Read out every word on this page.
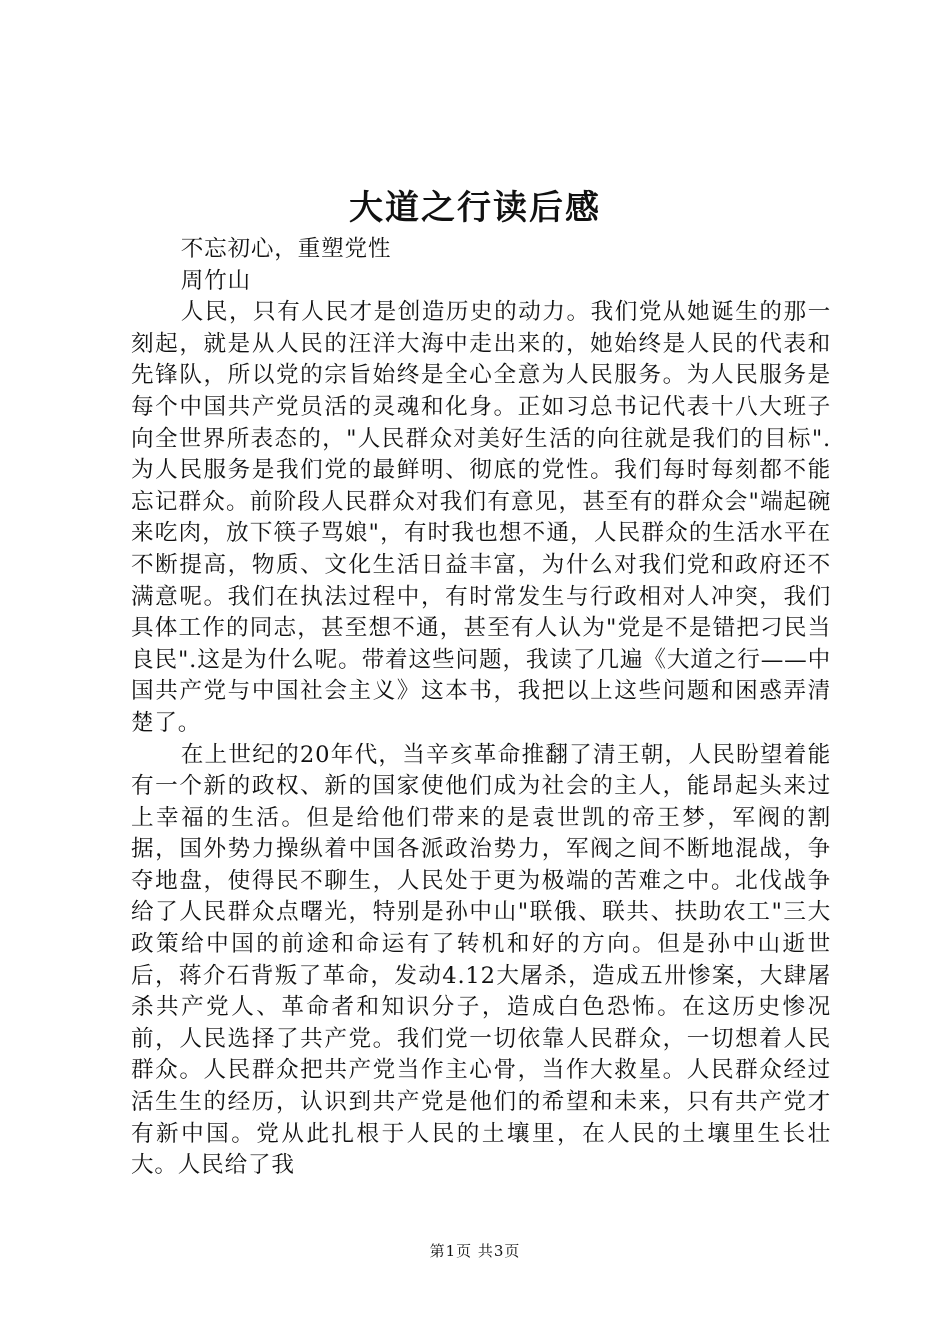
大道之行读后感

不忘初心，重塑党性

周竹山

人民，只有人民才是创造历史的动力。我们党从她诞生的那一刻起，就是从人民的汪洋大海中走出来的，她始终是人民的代表和先锋队，所以党的宗旨始终是全心全意为人民服务。为人民服务是每个中国共产党员活的灵魂和化身。正如习总书记代表十八大班子向全世界所表态的，"人民群众对美好生活的向往就是我们的目标".为人民服务是我们党的最鲜明、彻底的党性。我们每时每刻都不能忘记群众。前阶段人民群众对我们有意见，甚至有的群众会"端起碗来吃肉，放下筷子骂娘"，有时我也想不通，人民群众的生活水平在不断提高，物质、文化生活日益丰富，为什么对我们党和政府还不满意呢。我们在执法过程中，有时常发生与行政相对人冲突，我们具体工作的同志，甚至想不通，甚至有人认为"党是不是错把刁民当良民".这是为什么呢。带着这些问题，我读了几遍《大道之行——中国共产党与中国社会主义》这本书，我把以上这些问题和困惑弄清楚了。

在上世纪的20年代，当辛亥革命推翻了清王朝，人民盼望着能有一个新的政权、新的国家使他们成为社会的主人，能昂起头来过上幸福的生活。但是给他们带来的是袁世凯的帝王梦，军阀的割据，国外势力操纵着中国各派政治势力，军阀之间不断地混战，争夺地盘，使得民不聊生，人民处于更为极端的苦难之中。北伐战争给了人民群众点曙光，特别是孙中山"联俄、联共、扶助农工"三大政策给中国的前途和命运有了转机和好的方向。但是孙中山逝世后，蒋介石背叛了革命，发动4.12大屠杀，造成五卅惨案，大肆屠杀共产党人、革命者和知识分子，造成白色恐怖。在这历史惨况前，人民选择了共产党。我们党一切依靠人民群众，一切想着人民群众。人民群众把共产党当作主心骨，当作大救星。人民群众经过活生生的经历，认识到共产党是他们的希望和未来，只有共产党才有新中国。党从此扎根于人民的土壤里，在人民的土壤里生长壮大。人民给了我

第1页 共3页
